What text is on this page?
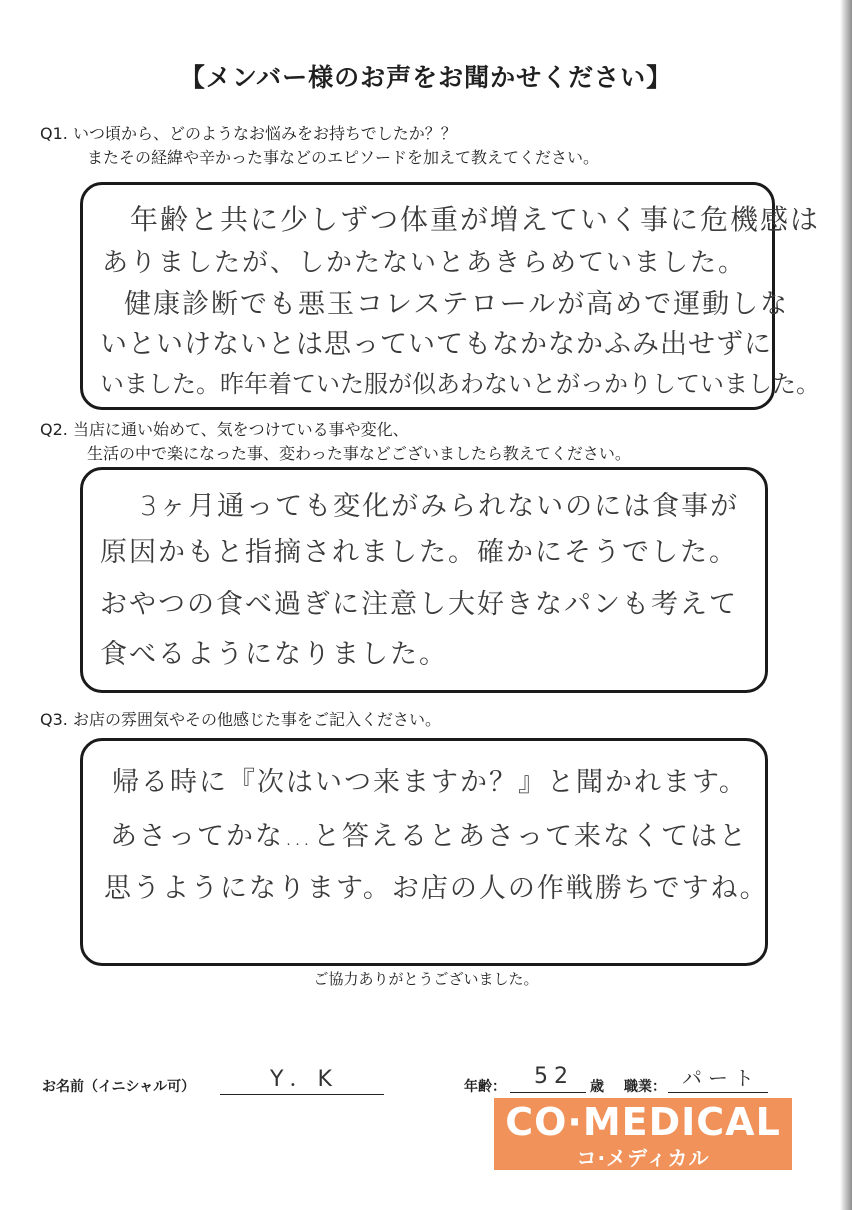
【メンバー様のお声をお聞かせください】
Q1. いつ頃から、どのようなお悩みをお持ちでしたか？？
またその経緯や辛かった事などのエピソードを加えて教えてください。
年齢と共に少しずつ体重が増えていく事に危機感は
ありましたが、しかたないとあきらめていました。
健康診断でも悪玉コレステロールが高めで運動しな
いといけないとは思っていてもなかなかふみ出せずに
いました。昨年着ていた服が似あわないとがっかりしていました。
Q2. 当店に通い始めて、気をつけている事や変化、
生活の中で楽になった事、変わった事などございましたら教えてください。
3ヶ月通っても変化がみられないのには食事が
原因かもと指摘されました。確かにそうでした。
おやつの食べ過ぎに注意し大好きなパンも考えて
食べるようになりました。
Q3. お店の雰囲気やその他感じた事をご記入ください。
帰る時に『次はいつ来ますか？』と聞かれます。
あさってかな…と答えるとあさって来なくてはと
思うようになります。お店の人の作戦勝ちですね。
ご協力ありがとうございました。
お名前（イニシャル可）	Y．K	年齢： 52 歳 職業： パート
CO·MEDICAL
コ·メディカル
